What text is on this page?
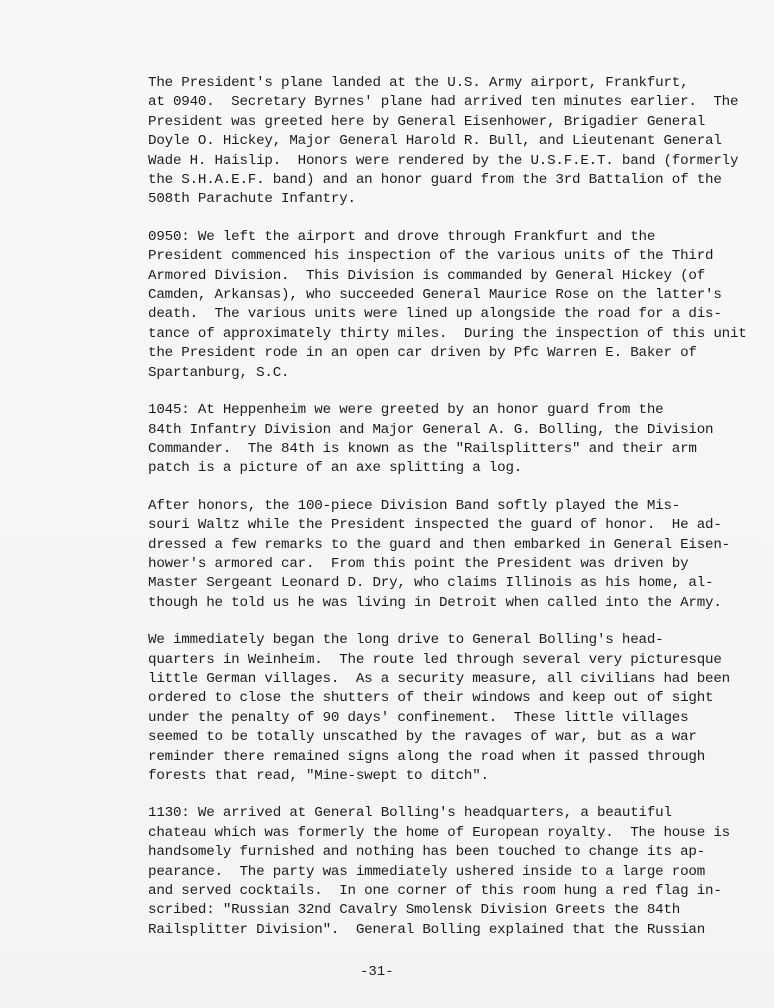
The President's plane landed at the U.S. Army airport, Frankfurt,
at 0940.  Secretary Byrnes' plane had arrived ten minutes earlier.  The
President was greeted here by General Eisenhower, Brigadier General
Doyle O. Hickey, Major General Harold R. Bull, and Lieutenant General
Wade H. Haislip.  Honors were rendered by the U.S.F.E.T. band (formerly
the S.H.A.E.F. band) and an honor guard from the 3rd Battalion of the
508th Parachute Infantry.
0950: We left the airport and drove through Frankfurt and the
President commenced his inspection of the various units of the Third
Armored Division.  This Division is commanded by General Hickey (of
Camden, Arkansas), who succeeded General Maurice Rose on the latter's
death.  The various units were lined up alongside the road for a dis-
tance of approximately thirty miles.  During the inspection of this unit
the President rode in an open car driven by Pfc Warren E. Baker of
Spartanburg, S.C.
1045: At Heppenheim we were greeted by an honor guard from the
84th Infantry Division and Major General A. G. Bolling, the Division
Commander.  The 84th is known as the "Railsplitters" and their arm
patch is a picture of an axe splitting a log.
After honors, the 100-piece Division Band softly played the Mis-
souri Waltz while the President inspected the guard of honor.  He ad-
dressed a few remarks to the guard and then embarked in General Eisen-
hower's armored car.  From this point the President was driven by
Master Sergeant Leonard D. Dry, who claims Illinois as his home, al-
though he told us he was living in Detroit when called into the Army.
We immediately began the long drive to General Bolling's head-
quarters in Weinheim.  The route led through several very picturesque
little German villages.  As a security measure, all civilians had been
ordered to close the shutters of their windows and keep out of sight
under the penalty of 90 days' confinement.  These little villages
seemed to be totally unscathed by the ravages of war, but as a war
reminder there remained signs along the road when it passed through
forests that read, "Mine-swept to ditch".
1130: We arrived at General Bolling's headquarters, a beautiful
chateau which was formerly the home of European royalty.  The house is
handsomely furnished and nothing has been touched to change its ap-
pearance.  The party was immediately ushered inside to a large room
and served cocktails.  In one corner of this room hung a red flag in-
scribed: "Russian 32nd Cavalry Smolensk Division Greets the 84th
Railsplitter Division".  General Bolling explained that the Russian
-31-
